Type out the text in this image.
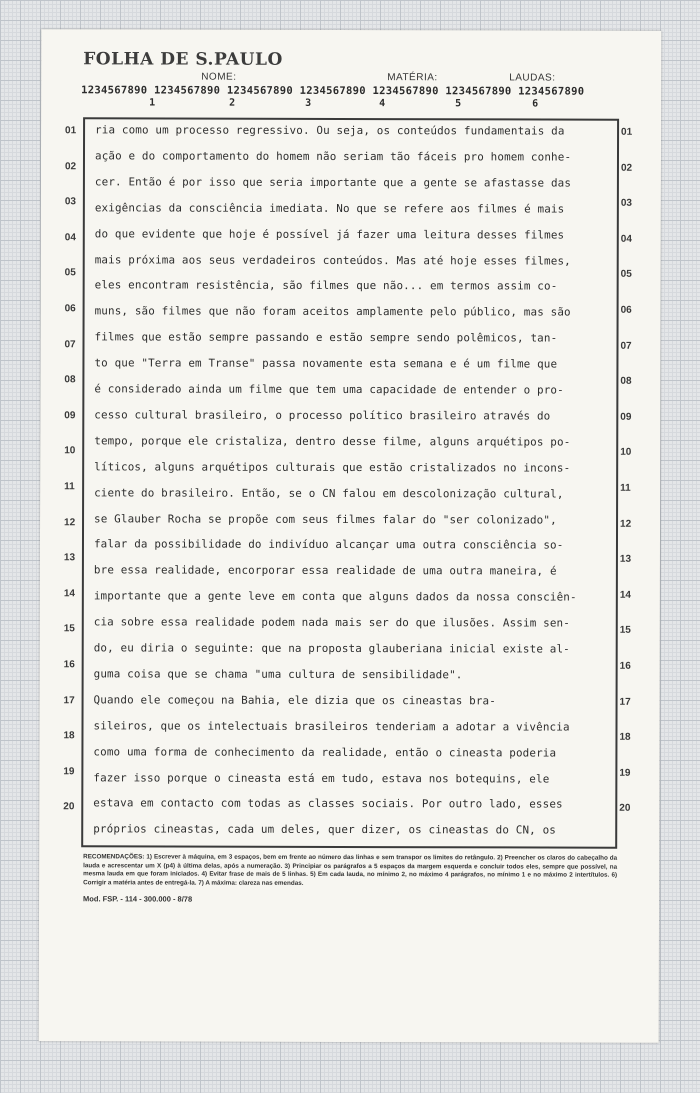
FOLHA DE S.PAULO
NOME:	MATÉRIA:	LAUDAS:
1234567890 1234567890 1234567890 1234567890 1234567890 1234567890 1234567890
1	2	3	4	5	6
01	01
02	02
03	03
04	04
05	05
06	06
07	07
08	08
09	09
10	10
11	11
12	12
13	13
14	14
15	15
16	16
17	17
18	18
19	19
20	20
ria como um processo regressivo. Ou seja, os conteúdos fundamentais da
ação e do comportamento do homem não seriam tão fáceis pro homem conhe-
cer. Então é por isso que seria importante que a gente se afastasse das
exigências da consciência imediata. No que se refere aos filmes é mais
do que evidente que hoje é possível já fazer uma leitura desses filmes
mais próxima aos seus verdadeiros conteúdos. Mas até hoje esses filmes,
eles encontram resistência, são filmes que não... em termos assim co-
muns, são filmes que não foram aceitos amplamente pelo público, mas são
filmes que estão sempre passando e estão sempre sendo polêmicos, tan-
to que "Terra em Transe" passa novamente esta semana e é um filme que
é considerado ainda um filme que tem uma capacidade de entender o pro-
cesso cultural brasileiro, o processo político brasileiro através do
tempo, porque ele cristaliza, dentro desse filme, alguns arquétipos po-
líticos, alguns arquétipos culturais que estão cristalizados no incons-
ciente do brasileiro. Então, se o CN falou em descolonização cultural,
se Glauber Rocha se propõe com seus filmes falar do "ser colonizado",
falar da possibilidade do indivíduo alcançar uma outra consciência so-
bre essa realidade, encorporar essa realidade de uma outra maneira, é
importante que a gente leve em conta que alguns dados da nossa consciên-
cia sobre essa realidade podem nada mais ser do que ilusões. Assim sen-
do, eu diria o seguinte: que na proposta glauberiana inicial existe al-
guma coisa que se chama "uma cultura de sensibilidade".
Quando ele começou na Bahia, ele dizia que os cineastas bra-
sileiros, que os intelectuais brasileiros tenderiam a adotar a vivência
como uma forma de conhecimento da realidade, então o cineasta poderia
fazer isso porque o cineasta está em tudo, estava nos botequins, ele
estava em contacto com todas as classes sociais. Por outro lado, esses
próprios cineastas, cada um deles, quer dizer, os cineastas do CN, os
RECOMENDAÇÕES: 1) Escrever à máquina, em 3 espaços, bem em frente ao número das linhas e sem transpor os limites do retângulo. 2) Preencher os claros do cabeçalho da lauda e acrescentar um X (p4) à última delas, após a numeração. 3) Principiar os parágrafos a 5 espaços da margem esquerda e concluir todos eles, sempre que possível, na mesma lauda em que foram iniciados. 4) Evitar frase de mais de 5 linhas. 5) Em cada lauda, no mínimo 2, no máximo 4 parágrafos, no mínimo 1 e no máximo 2 intertítulos. 6) Corrigir a matéria antes de entregá-la. 7) A máxima: clareza nas emendas.
Mod. FSP. - 114 - 300.000 - 8/78
